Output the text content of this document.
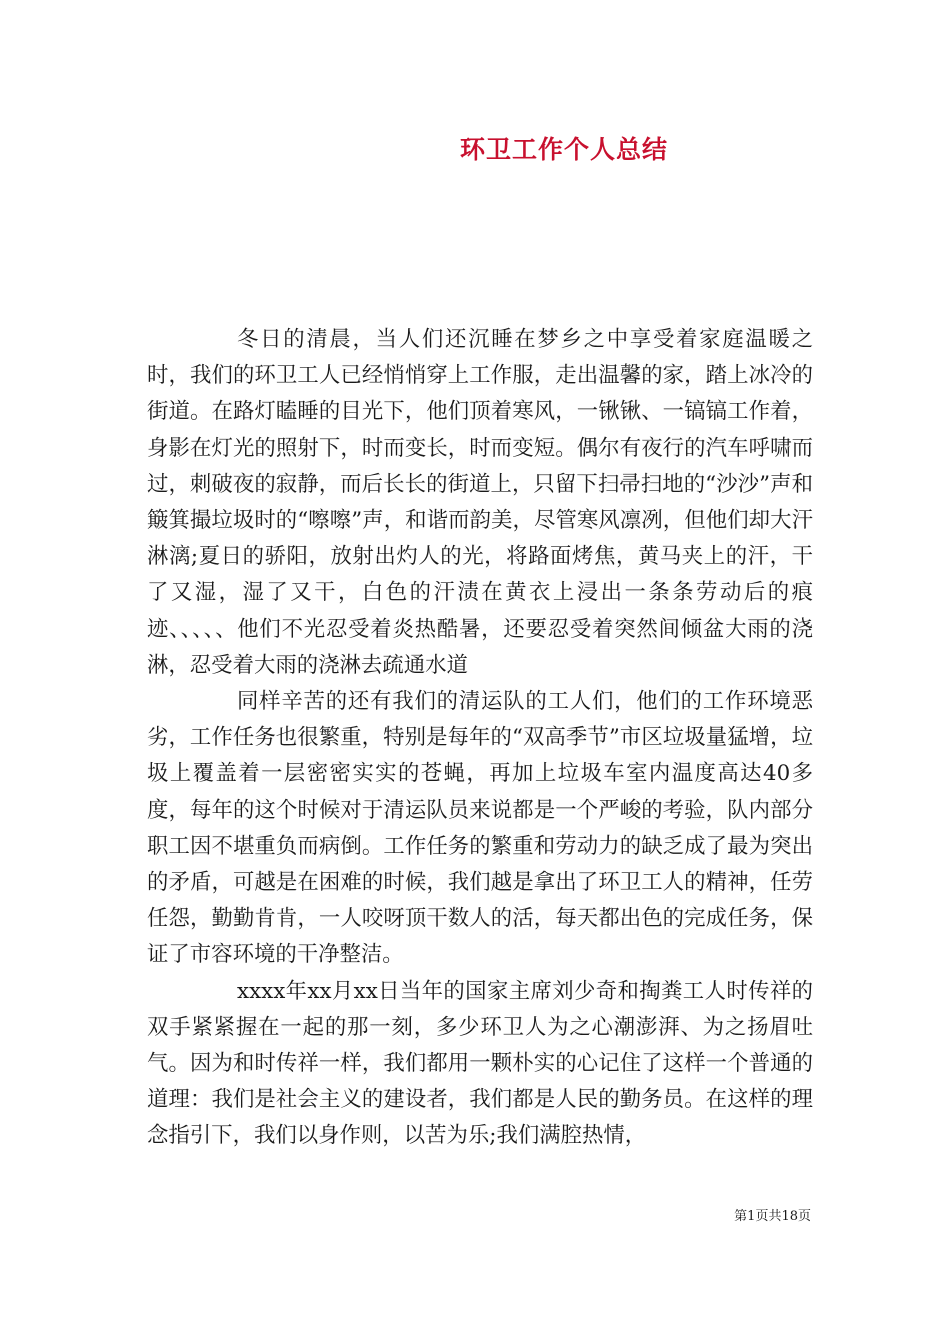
环卫工作个人总结

冬日的清晨，当人们还沉睡在梦乡之中享受着家庭温暖之时，我们的环卫工人已经悄悄穿上工作服，走出温馨的家，踏上冰冷的街道。在路灯瞌睡的目光下，他们顶着寒风，一锹锹、一镐镐工作着，身影在灯光的照射下，时而变长，时而变短。偶尔有夜行的汽车呼啸而过，刺破夜的寂静，而后长长的街道上，只留下扫帚扫地的“沙沙”声和簸箕撮垃圾时的“嚓嚓”声，和谐而韵美，尽管寒风凛冽，但他们却大汗淋漓;夏日的骄阳，放射出灼人的光，将路面烤焦，黄马夹上的汗，干了又湿，湿了又干，白色的汗渍在黄衣上浸出一条条劳动后的痕迹、、、、、他们不光忍受着炎热酷暑，还要忍受着突然间倾盆大雨的浇淋，忍受着大雨的浇淋去疏通水道

同样辛苦的还有我们的清运队的工人们，他们的工作环境恶劣，工作任务也很繁重，特别是每年的“双高季节”市区垃圾量猛增，垃圾上覆盖着一层密密实实的苍蝇，再加上垃圾车室内温度高达40多度，每年的这个时候对于清运队员来说都是一个严峻的考验，队内部分职工因不堪重负而病倒。工作任务的繁重和劳动力的缺乏成了最为突出的矛盾，可越是在困难的时候，我们越是拿出了环卫工人的精神，任劳任怨，勤勤肯肯，一人咬呀顶干数人的活，每天都出色的完成任务，保证了市容环境的干净整洁。

xxxx年xx月xx日当年的国家主席刘少奇和掏粪工人时传祥的双手紧紧握在一起的那一刻，多少环卫人为之心潮澎湃、为之扬眉吐气。因为和时传祥一样，我们都用一颗朴实的心记住了这样一个普通的道理：我们是社会主义的建设者，我们都是人民的勤务员。在这样的理念指引下，我们以身作则，以苦为乐;我们满腔热情，

第1页共18页
